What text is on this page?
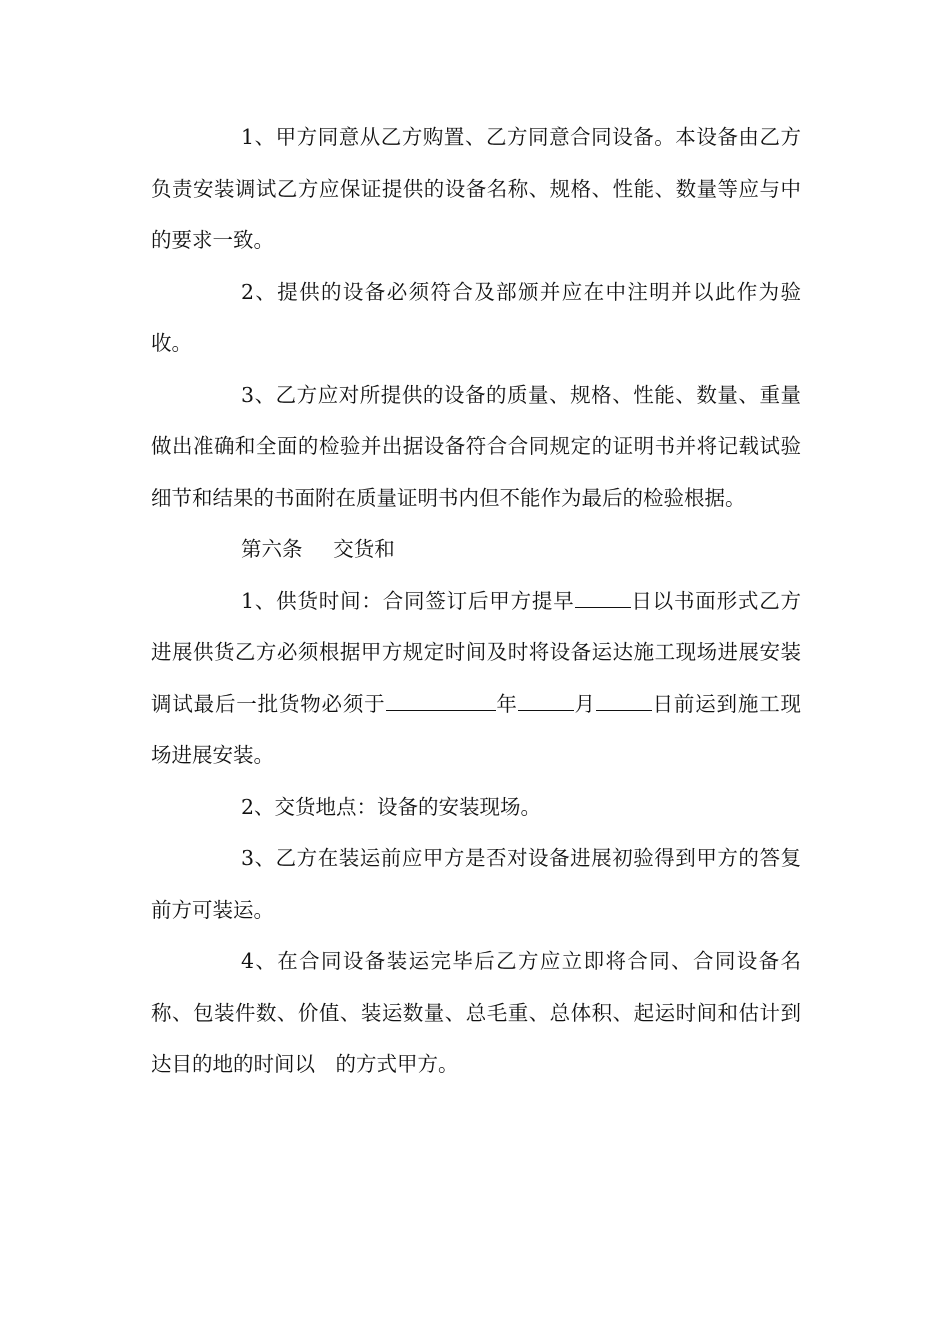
1、甲方同意从乙方购置、乙方同意合同设备。本设备由乙方负责安装调试乙方应保证提供的设备名称、规格、性能、数量等应与中的要求一致。

2、提供的设备必须符合及部颁并应在中注明并以此作为验收。

3、乙方应对所提供的设备的质量、规格、性能、数量、重量做出准确和全面的检验并出据设备符合合同规定的证明书并将记载试验细节和结果的书面附在质量证明书内但不能作为最后的检验根据。

第六条 交货和

1、供货时间：合同签订后甲方提早	日以书面形式乙方进展供货乙方必须根据甲方规定时间及时将设备运达施工现场进展安装调试最后一批货物必须于	年	月	日前运到施工现场进展安装。

2、交货地点：设备的安装现场。

3、乙方在装运前应甲方是否对设备进展初验得到甲方的答复前方可装运。

4、在合同设备装运完毕后乙方应立即将合同、合同设备名称、包装件数、价值、装运数量、总毛重、总体积、起运时间和估计到达目的地的时间以 的方式甲方。
